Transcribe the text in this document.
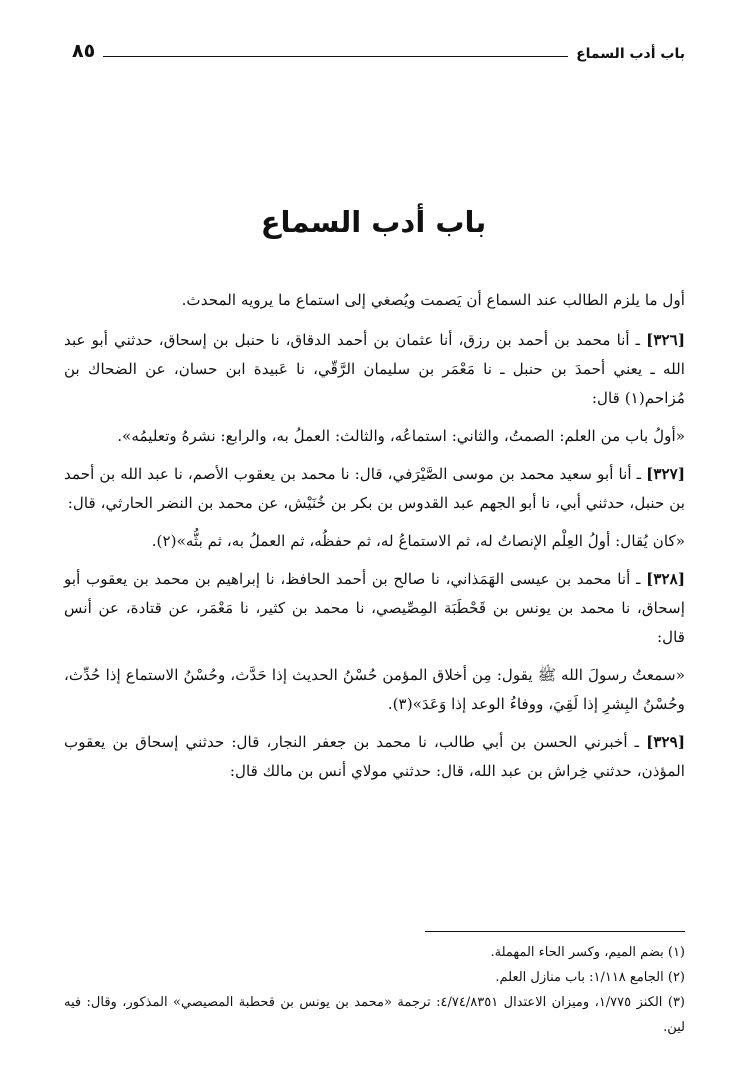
باب أدب السماع
٨٥
باب أدب السماع

أول ما يلزم الطالب عند السماع أن يَصمت ويُصغي إلى استماع ما يرويه المحدث.

[٣٢٦] ـ أنا محمد بن أحمد بن رزق، أنا عثمان بن أحمد الدقاق، نا حنبل بن إسحاق، حدثني أبو عبد الله ـ يعني أحمدَ بن حنبل ـ نا مَعْمَر بن سليمان الرَّقّي، نا عَبيدة ابن حسان، عن الضحاك بن مُزاحم(١) قال:

«أولُ باب من العلم: الصمتُ، والثاني: استماعُه، والثالث: العملُ به، والرابع: نشرهُ وتعليمُه».

[٣٢٧] ـ أنا أبو سعيد محمد بن موسى الصَّيْرَفي، قال: نا محمد بن يعقوب الأصم، نا عبد الله بن أحمد بن حنبل، حدثني أبي، نا أبو الجهم عبد القدوس بن بكر بن خُنَيْش، عن محمد بن النضر الحارثي، قال:

«كان يُقال: أولُ العِلْم الإنصاتُ له، ثم الاستماعُ له، ثم حفظُه، ثم العملُ به، ثم بثُّه»(٢).

[٣٢٨] ـ أنا محمد بن عيسى الهَمَذاني، نا صالح بن أحمد الحافظ، نا إبراهيم بن محمد بن يعقوب أبو إسحاق، نا محمد بن يونس بن قَحْطَبَة المِصِّيصي، نا محمد بن كثير، نا مَعْمَر، عن قتادة، عن أنس قال:

«سمعتُ رسولَ الله ﷺ يقول: مِن أخلاق المؤمن حُسْنُ الحديث إذا حَدَّث، وحُسْنُ الاستماع إذا حُدِّث، وحُسْنُ البِشرِ إذا لَقِيَ، ووفاءُ الوعد إذا وَعَدَ»(٣).

[٣٢٩] ـ أخبرني الحسن بن أبي طالب، نا محمد بن جعفر النجار، قال: حدثني إسحاق بن يعقوب المؤذن، حدثني خِراش بن عبد الله، قال: حدثني مولاي أنس بن مالك قال:

(١) بضم الميم، وكسر الحاء المهملة.

(٢) الجامع ١/١١٨: باب منازل العلم.

(٣) الكنز ١/٧٧٥، وميزان الاعتدال ٤/٧٤/٨٣٥١: ترجمة «محمد بن يونس بن قحطبة المصيصي» المذكور، وقال: فيه لين.
